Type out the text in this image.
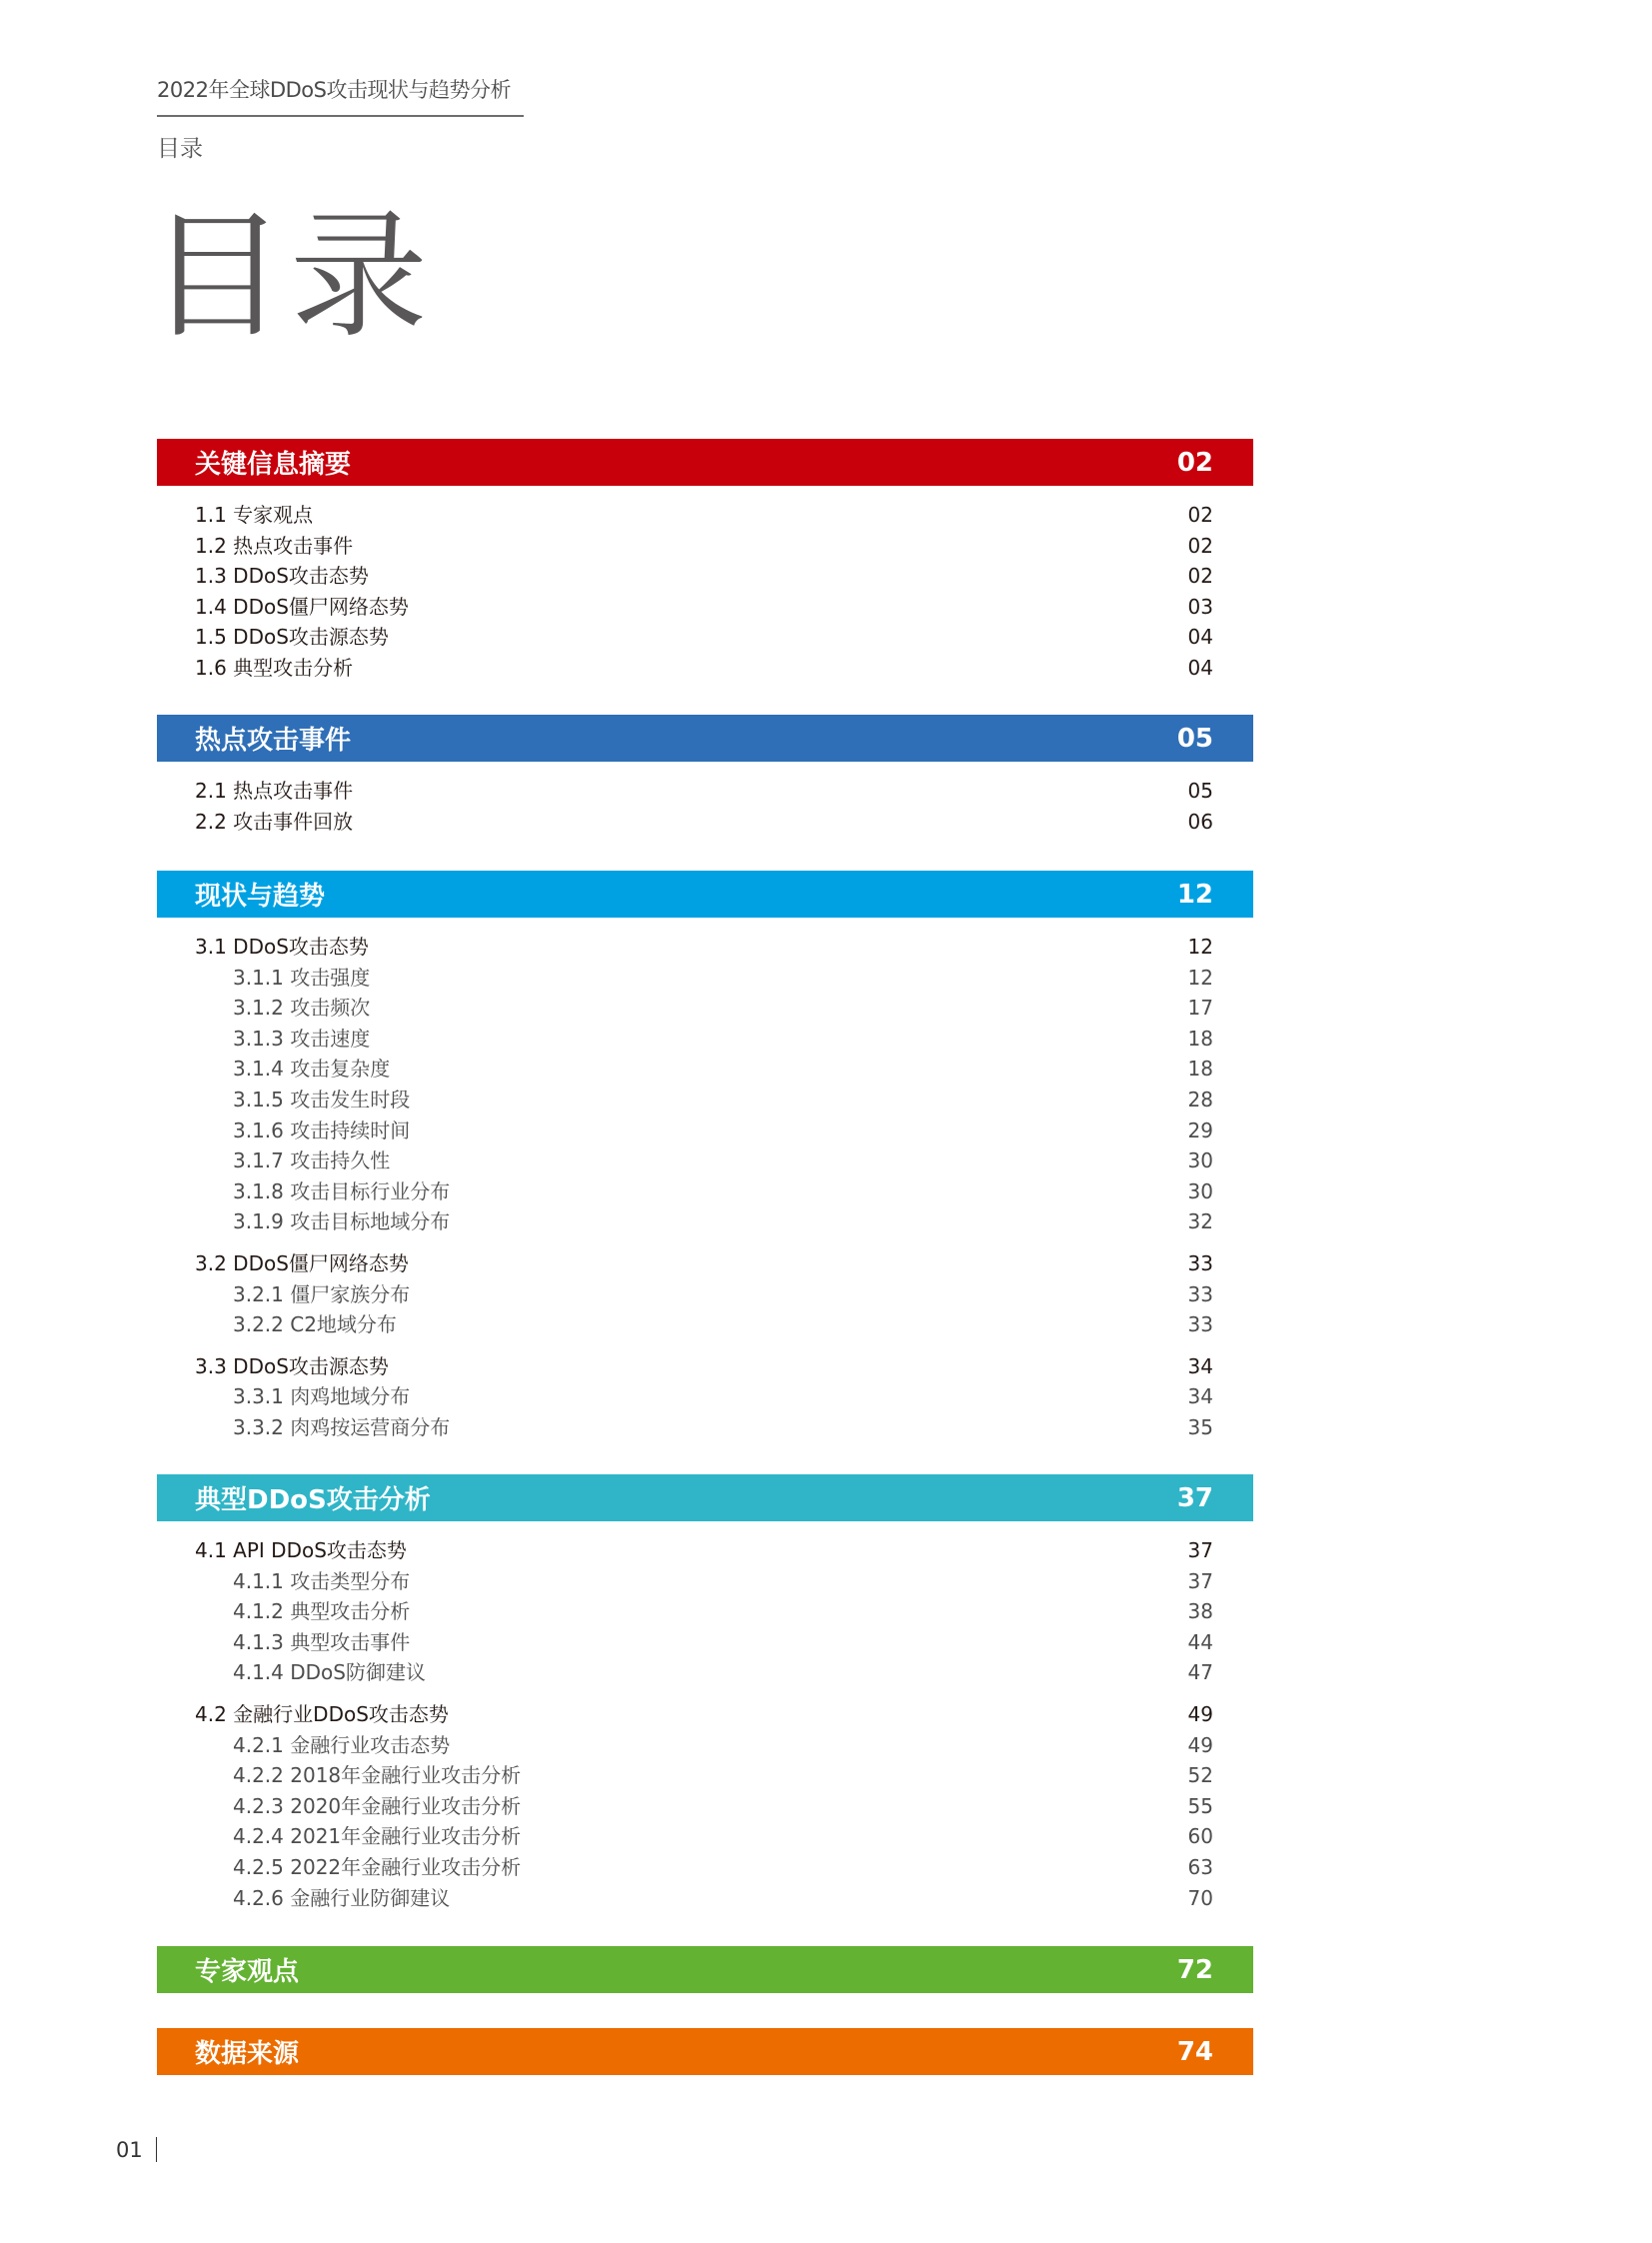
2022年全球DDoS攻击现状与趋势分析
目录
目录
关键信息摘要	02
1.1 专家观点	02
1.2 热点攻击事件	02
1.3 DDoS攻击态势	02
1.4 DDoS僵尸网络态势	03
1.5 DDoS攻击源态势	04
1.6 典型攻击分析	04
热点攻击事件	05
2.1 热点攻击事件	05
2.2 攻击事件回放	06
现状与趋势	12
3.1 DDoS攻击态势	12
3.1.1 攻击强度	12
3.1.2 攻击频次	17
3.1.3 攻击速度	18
3.1.4 攻击复杂度	18
3.1.5 攻击发生时段	28
3.1.6 攻击持续时间	29
3.1.7 攻击持久性	30
3.1.8 攻击目标行业分布	30
3.1.9 攻击目标地域分布	32
3.2 DDoS僵尸网络态势	33
3.2.1 僵尸家族分布	33
3.2.2 C2地域分布	33
3.3 DDoS攻击源态势	34
3.3.1 肉鸡地域分布	34
3.3.2 肉鸡按运营商分布	35
典型DDoS攻击分析	37
4.1 API DDoS攻击态势	37
4.1.1 攻击类型分布	37
4.1.2 典型攻击分析	38
4.1.3 典型攻击事件	44
4.1.4 DDoS防御建议	47
4.2 金融行业DDoS攻击态势	49
4.2.1 金融行业攻击态势	49
4.2.2 2018年金融行业攻击分析	52
4.2.3 2020年金融行业攻击分析	55
4.2.4 2021年金融行业攻击分析	60
4.2.5 2022年金融行业攻击分析	63
4.2.6 金融行业防御建议	70
专家观点	72
数据来源	74
01
